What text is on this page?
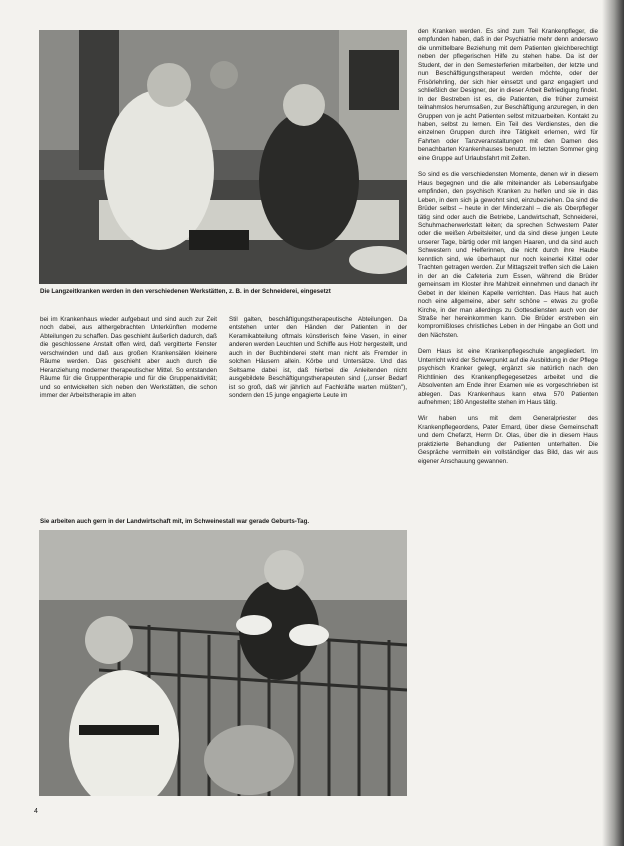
Die Langzeitkranken werden in den verschiedenen Werkstätten, z. B. in der Schneiderei, eingesetzt

bei im Krankenhaus wieder aufgebaut und sind auch zur Zeit noch dabei, aus althergebrachten Unterkünften moderne Abteilungen zu schaffen. Das geschieht äußerlich dadurch, daß die geschlossene Anstalt offen wird, daß vergitterte Fenster verschwinden und daß aus großen Krankensälen kleinere Räume werden. Das geschieht aber auch durch die Heranziehung moderner therapeutischer Mittel. So entstanden Räume für die Gruppentherapie und für die Gruppenaktivität; und so entwickelten sich neben den Werkstätten, die schon immer der Arbeitstherapie im alten

Stil galten, beschäftigungstherapeutische Abteilungen. Da entstehen unter den Händen der Patienten in der Keramikabteilung oftmals künstlerisch feine Vasen, in einer anderen werden Leuchten und Schiffe aus Holz hergestellt, und auch in der Buchbinderei steht man nicht als Fremder in solchen Häusern allein. Körbe und Untersätze. Und das Seltsame dabei ist, daß hierbei die Anleitenden nicht ausgebildete Beschäftigungstherapeuten sind (,,unser Bedarf ist so groß, daß wir jährlich auf Fachkräfte warten müßten"), sondern den 15 junge engagierte Leute im

Sie arbeiten auch gern in der Landwirtschaft mit, im Schweinestall war gerade Geburts-Tag.

den Kranken werden. Es sind zum Teil Krankenpfleger, die empfunden haben, daß in der Psychiatrie mehr denn anderswo die unmittelbare Beziehung mit dem Patienten gleichberechtigt neben der pflegerischen Hilfe zu stehen habe. Da ist der Student, der in den Semesterferien mitarbeiten, der letzte und nun Beschäftigungstherapeut werden möchte, oder der Frisörlehrling, der sich hier einsetzt und ganz engagiert und schließlich der Designer, der in dieser Arbeit Befriedigung findet. In der Bestreben ist es, die Patienten, die früher zumeist teilnahmslos herumsaßen, zur Beschäftigung anzuregen, in den Gruppen von je acht Patienten selbst mitzuarbeiten. Kontakt zu haben, selbst zu lernen. Ein Teil des Verdienstes, den die einzelnen Gruppen durch ihre Tätigkeit erlernen, wird für Fahrten oder Tanzveranstaltungen mit den Damen des benachbarten Krankenhauses benutzt. Im letzten Sommer ging eine Gruppe auf Urlaubsfahrt mit Zelten.

So sind es die verschiedensten Momente, denen wir in diesem Haus begegnen und die alle miteinander als Lebensaufgabe empfinden, den psychisch Kranken zu helfen und sie in das Leben, in dem sich ja gewohnt sind, einzubeziehen. Da sind die Brüder selbst – heute in der Minderzahl – die als Oberpfleger tätig sind oder auch die Betriebe, Landwirtschaft, Schneiderei, Schuhmacherwerkstatt leiten; da sprechen Schwestern Pater oder die weißen Arbeitsleiter, und da sind diese jungen Leute unserer Tage, bärtig oder mit langen Haaren, und da sind auch Schwestern und Helferinnen, die nicht durch ihre Haube kenntlich sind, wie überhaupt nur noch keinerlei Kittel oder Trachten getragen werden. Zur Mittagszeit treffen sich die Laien in der an die Cafeteria zum Essen, während die Brüder gemeinsam im Kloster ihre Mahlzeit einnehmen und danach ihr Gebet in der kleinen Kapelle verrichten. Das Haus hat auch noch eine allgemeine, aber sehr schöne – etwas zu große Kirche, in der man allerdings zu Gottesdiensten auch von der Straße her hereinkommen kann. Die Brüder erstreben ein kompromißloses christliches Leben in der Hingabe an Gott und den Nächsten.

Dem Haus ist eine Krankenpflegeschule angegliedert. Im Unterricht wird der Schwerpunkt auf die Ausbildung in der Pflege psychisch Kranker gelegt, ergänzt sie natürlich nach den Richtlinien des Krankenpflegegesetzes arbeitet und die Absolventen am Ende ihrer Examen wie es vorgeschrieben ist ablegen. Das Krankenhaus kann etwa 570 Patienten aufnehmen; 180 Angestellte stehen im Haus tätig.

Wir haben uns mit dem Generalpriester des Krankenpflegeordens, Pater Ernard, über diese Gemeinschaft und dem Chefarzt, Herrn Dr. Olas, über die in diesem Haus praktizierte Behandlung der Patienten unterhalten. Die Gespräche vermitteln ein vollständiger das Bild, das wir aus eigener Anschauung gewannen.

4
